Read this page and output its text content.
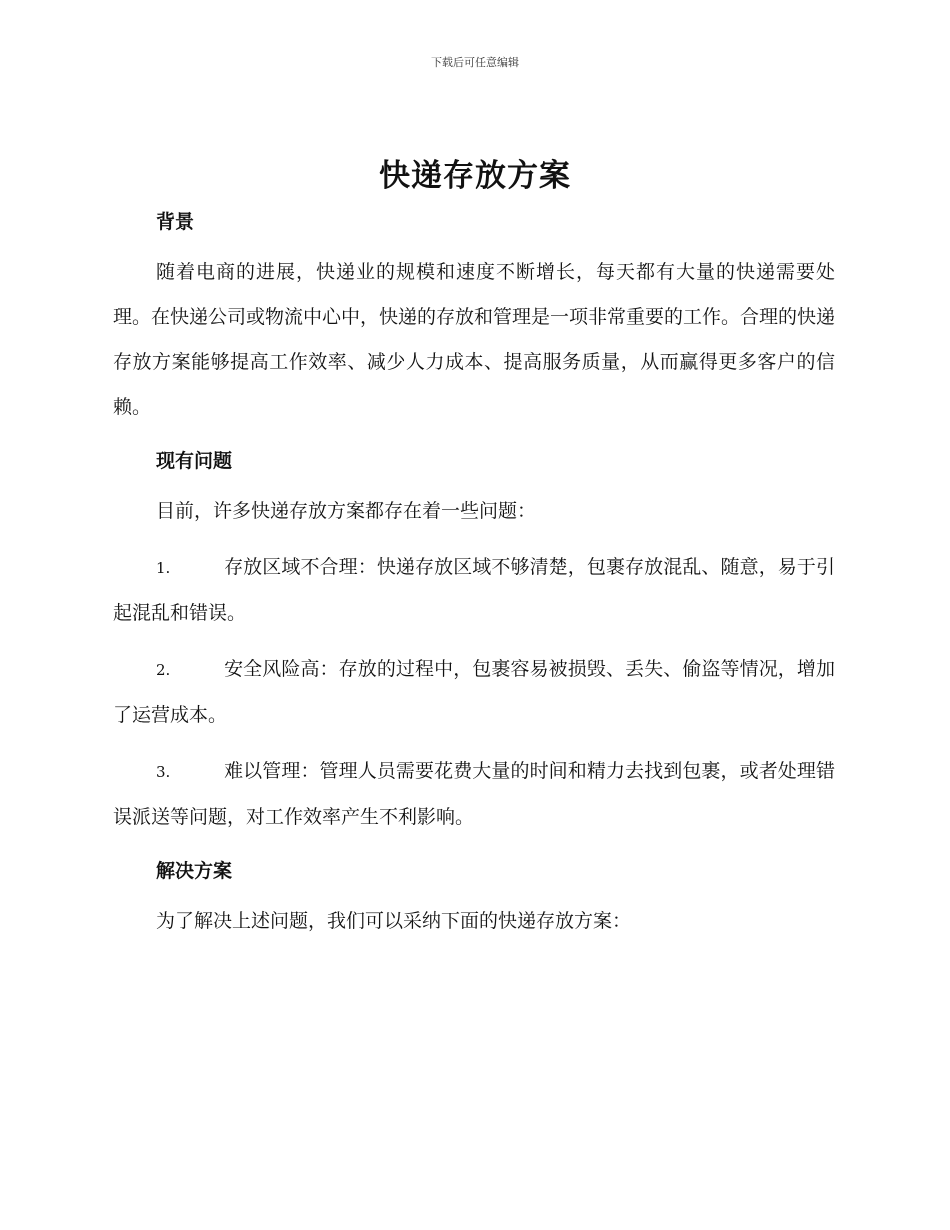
下载后可任意编辑
快递存放方案
背景

随着电商的进展，快递业的规模和速度不断增长，每天都有大量的快递需要处理。在快递公司或物流中心中，快递的存放和管理是一项非常重要的工作。合理的快递存放方案能够提高工作效率、减少人力成本、提高服务质量，从而赢得更多客户的信赖。

现有问题

目前，许多快递存放方案都存在着一些问题：

1.	存放区域不合理：快递存放区域不够清楚，包裹存放混乱、随意，易于引起混乱和错误。

2.	安全风险高：存放的过程中，包裹容易被损毁、丢失、偷盗等情况，增加了运营成本。

3.	难以管理：管理人员需要花费大量的时间和精力去找到包裹，或者处理错误派送等问题，对工作效率产生不利影响。

解决方案

为了解决上述问题，我们可以采纳下面的快递存放方案：
